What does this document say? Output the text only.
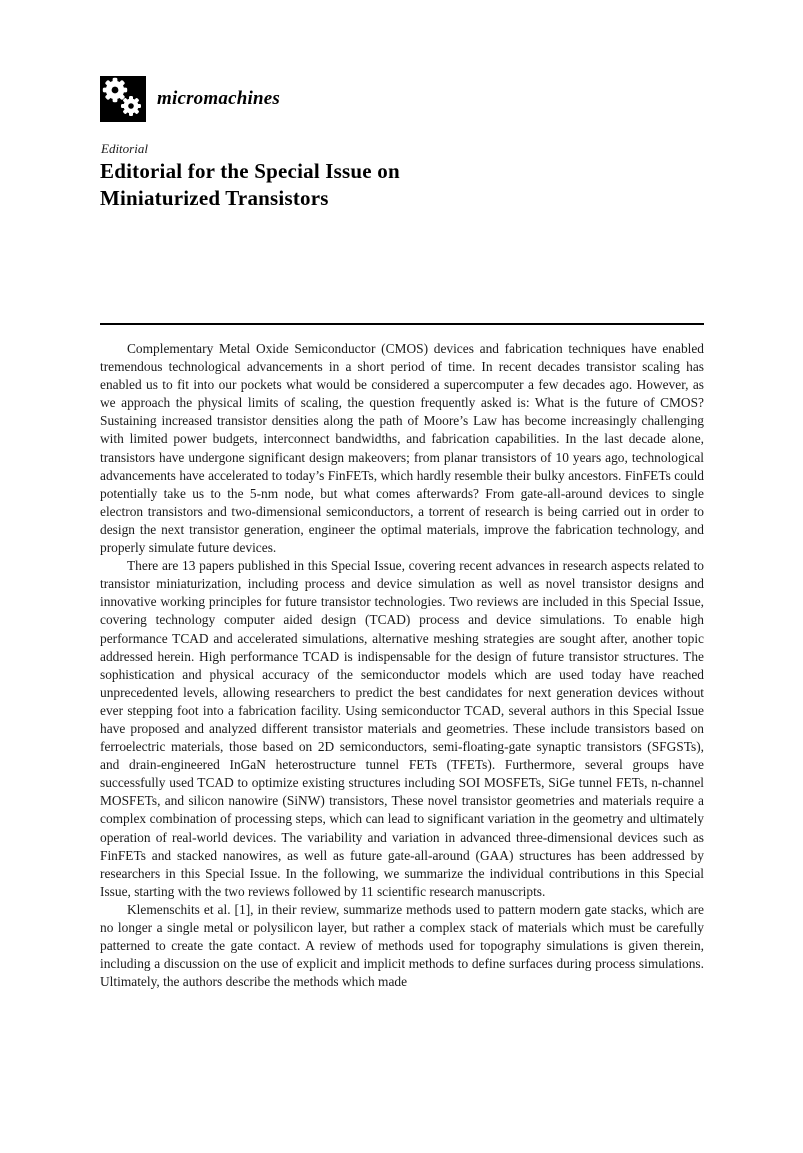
micromachines
Editorial
Editorial for the Special Issue on
Miniaturized Transistors

Complementary Metal Oxide Semiconductor (CMOS) devices and fabrication techniques have enabled tremendous technological advancements in a short period of time. In recent decades transistor scaling has enabled us to fit into our pockets what would be considered a supercomputer a few decades ago. However, as we approach the physical limits of scaling, the question frequently asked is: What is the future of CMOS? Sustaining increased transistor densities along the path of Moore’s Law has become increasingly challenging with limited power budgets, interconnect bandwidths, and fabrication capabilities. In the last decade alone, transistors have undergone significant design makeovers; from planar transistors of 10 years ago, technological advancements have accelerated to today’s FinFETs, which hardly resemble their bulky ancestors. FinFETs could potentially take us to the 5-nm node, but what comes afterwards? From gate-all-around devices to single electron transistors and two-dimensional semiconductors, a torrent of research is being carried out in order to design the next transistor generation, engineer the optimal materials, improve the fabrication technology, and properly simulate future devices.

There are 13 papers published in this Special Issue, covering recent advances in research aspects related to transistor miniaturization, including process and device simulation as well as novel transistor designs and innovative working principles for future transistor technologies. Two reviews are included in this Special Issue, covering technology computer aided design (TCAD) process and device simulations. To enable high performance TCAD and accelerated simulations, alternative meshing strategies are sought after, another topic addressed herein. High performance TCAD is indispensable for the design of future transistor structures. The sophistication and physical accuracy of the semiconductor models which are used today have reached unprecedented levels, allowing researchers to predict the best candidates for next generation devices without ever stepping foot into a fabrication facility. Using semiconductor TCAD, several authors in this Special Issue have proposed and analyzed different transistor materials and geometries. These include transistors based on ferroelectric materials, those based on 2D semiconductors, semi-floating-gate synaptic transistors (SFGSTs), and drain-engineered InGaN heterostructure tunnel FETs (TFETs). Furthermore, several groups have successfully used TCAD to optimize existing structures including SOI MOSFETs, SiGe tunnel FETs, n-channel MOSFETs, and silicon nanowire (SiNW) transistors, These novel transistor geometries and materials require a complex combination of processing steps, which can lead to significant variation in the geometry and ultimately operation of real-world devices. The variability and variation in advanced three-dimensional devices such as FinFETs and stacked nanowires, as well as future gate-all-around (GAA) structures has been addressed by researchers in this Special Issue. In the following, we summarize the individual contributions in this Special Issue, starting with the two reviews followed by 11 scientific research manuscripts.

Klemenschits et al. [1], in their review, summarize methods used to pattern modern gate stacks, which are no longer a single metal or polysilicon layer, but rather a complex stack of materials which must be carefully patterned to create the gate contact. A review of methods used for topography simulations is given therein, including a discussion on the use of explicit and implicit methods to define surfaces during process simulations. Ultimately, the authors describe the methods which made
